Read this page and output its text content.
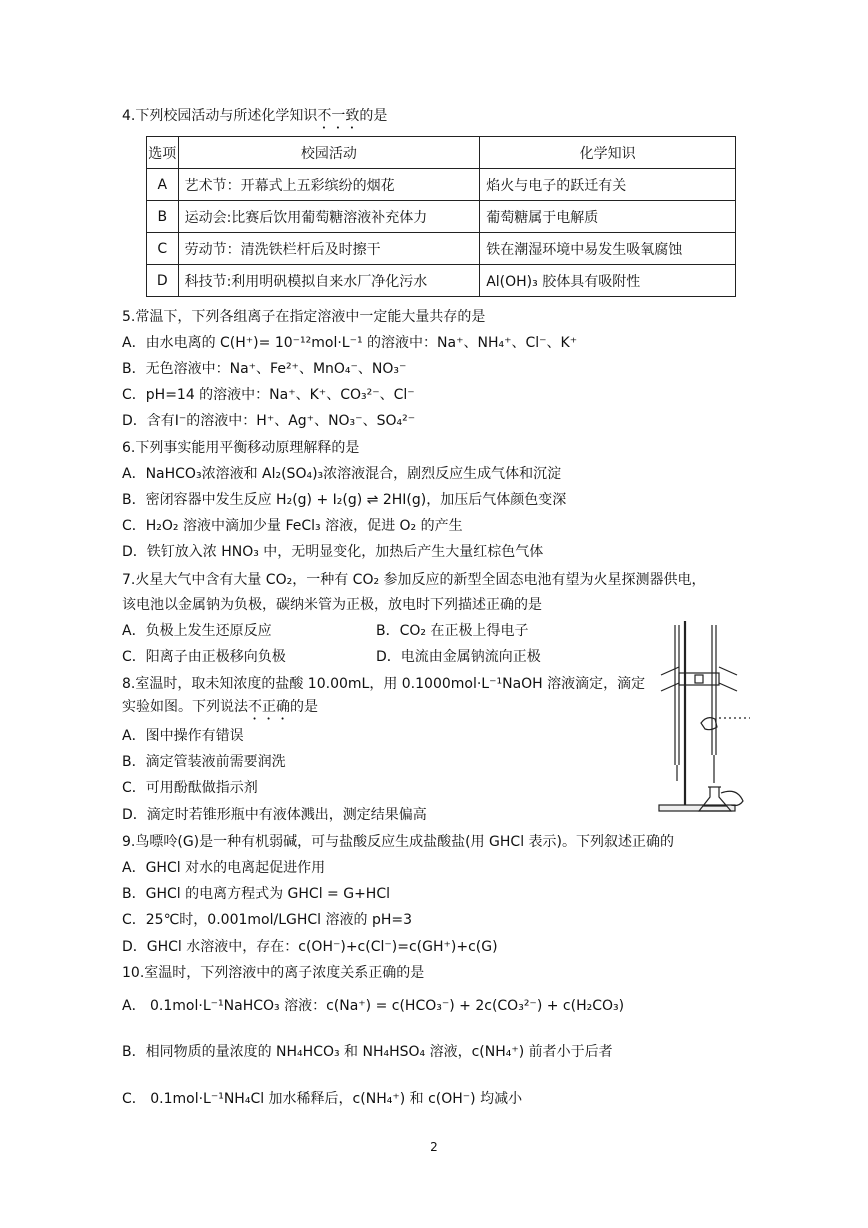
4.下列校园活动与所述化学知识不一致的是
选项	校园活动	化学知识
A	艺术节：开幕式上五彩缤纷的烟花	焰火与电子的跃迁有关
B	运动会:比赛后饮用葡萄糖溶液补充体力	葡萄糖属于电解质
C	劳动节：清洗铁栏杆后及时擦干	铁在潮湿环境中易发生吸氧腐蚀
D	科技节:利用明矾模拟自来水厂净化污水	Al(OH)₃ 胶体具有吸附性
5.常温下，下列各组离子在指定溶液中一定能大量共存的是
A．由水电离的 C(H⁺)= 10⁻¹²mol·L⁻¹ 的溶液中：Na⁺、NH₄⁺、Cl⁻、K⁺
B．无色溶液中：Na⁺、Fe²⁺、MnO₄⁻、NO₃⁻
C．pH=14 的溶液中：Na⁺、K⁺、CO₃²⁻、Cl⁻
D．含有I⁻的溶液中：H⁺、Ag⁺、NO₃⁻、SO₄²⁻
6.下列事实能用平衡移动原理解释的是
A．NaHCO₃浓溶液和 Al₂(SO₄)₃浓溶液混合，剧烈反应生成气体和沉淀
B．密闭容器中发生反应 H₂(g) + I₂(g) ⇌ 2HI(g)，加压后气体颜色变深
C．H₂O₂ 溶液中滴加少量 FeCl₃ 溶液，促进 O₂ 的产生
D．铁钉放入浓 HNO₃ 中，无明显变化，加热后产生大量红棕色气体
7.火星大气中含有大量 CO₂，一种有 CO₂ 参加反应的新型全固态电池有望为火星探测器供电，
该电池以金属钠为负极，碳纳米管为正极，放电时下列描述正确的是
A．负极上发生还原反应	B．CO₂ 在正极上得电子
C．阳离子由正极移向负极	D．电流由金属钠流向正极
8.室温时，取未知浓度的盐酸 10.00mL，用 0.1000mol·L⁻¹NaOH 溶液滴定，滴定
实验如图。下列说法不正确的是
A．图中操作有错误
B．滴定管装液前需要润洗
C．可用酚酞做指示剂
D．滴定时若锥形瓶中有液体溅出，测定结果偏高
9.鸟嘌呤(G)是一种有机弱碱，可与盐酸反应生成盐酸盐(用 GHCl 表示)。下列叙述正确的
A．GHCl 对水的电离起促进作用
B．GHCl 的电离方程式为 GHCl = G+HCl
C．25℃时，0.001mol/LGHCl 溶液的 pH=3
D．GHCl 水溶液中，存在：c(OH⁻)+c(Cl⁻)=c(GH⁺)+c(G)
10.室温时，下列溶液中的离子浓度关系正确的是
A． 0.1mol·L⁻¹NaHCO₃ 溶液：c(Na⁺) = c(HCO₃⁻) + 2c(CO₃²⁻) + c(H₂CO₃)
B．相同物质的量浓度的 NH₄HCO₃ 和 NH₄HSO₄ 溶液，c(NH₄⁺) 前者小于后者
C． 0.1mol·L⁻¹NH₄Cl 加水稀释后，c(NH₄⁺) 和 c(OH⁻) 均减小
2
